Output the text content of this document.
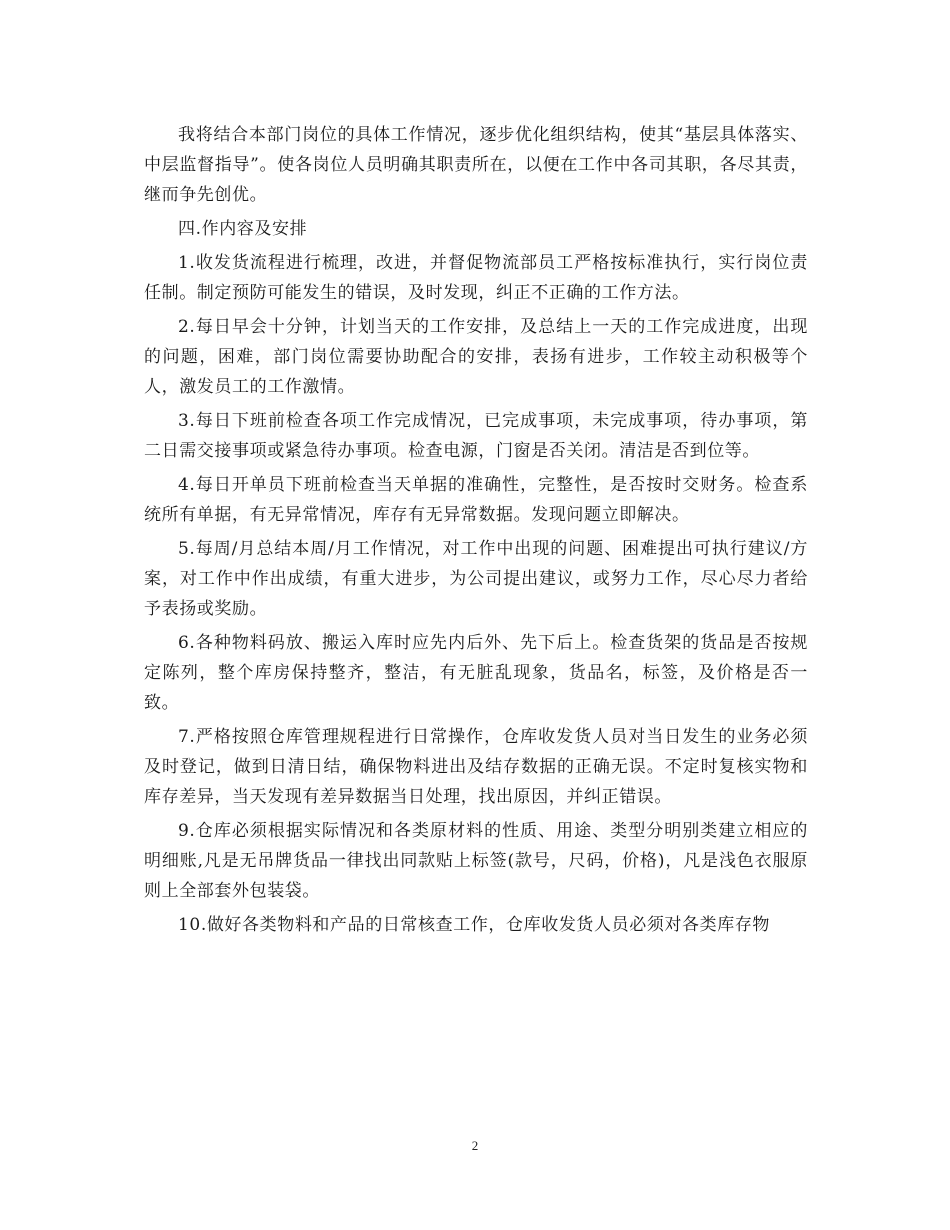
我将结合本部门岗位的具体工作情况，逐步优化组织结构，使其“基层具体落实、中层监督指导”。使各岗位人员明确其职责所在，以便在工作中各司其职，各尽其责，继而争先创优。

四.作内容及安排

1.收发货流程进行梳理，改进，并督促物流部员工严格按标准执行，实行岗位责任制。制定预防可能发生的错误，及时发现，纠正不正确的工作方法。

2.每日早会十分钟，计划当天的工作安排，及总结上一天的工作完成进度，出现的问题，困难，部门岗位需要协助配合的安排，表扬有进步，工作较主动积极等个人，激发员工的工作激情。

3.每日下班前检查各项工作完成情况，已完成事项，未完成事项，待办事项，第二日需交接事项或紧急待办事项。检查电源，门窗是否关闭。清洁是否到位等。

4.每日开单员下班前检查当天单据的准确性，完整性，是否按时交财务。检查系统所有单据，有无异常情况，库存有无异常数据。发现问题立即解决。

5.每周/月总结本周/月工作情况，对工作中出现的问题、困难提出可执行建议/方案，对工作中作出成绩，有重大进步，为公司提出建议，或努力工作，尽心尽力者给予表扬或奖励。

6.各种物料码放、搬运入库时应先内后外、先下后上。检查货架的货品是否按规定陈列，整个库房保持整齐，整洁，有无脏乱现象，货品名，标签，及价格是否一致。

7.严格按照仓库管理规程进行日常操作，仓库收发货人员对当日发生的业务必须及时登记，做到日清日结，确保物料进出及结存数据的正确无误。不定时复核实物和库存差异，当天发现有差异数据当日处理，找出原因，并纠正错误。

9.仓库必须根据实际情况和各类原材料的性质、用途、类型分明别类建立相应的明细账,凡是无吊牌货品一律找出同款贴上标签(款号，尺码，价格)，凡是浅色衣服原则上全部套外包装袋。

10.做好各类物料和产品的日常核查工作，仓库收发货人员必须对各类库存物

2
